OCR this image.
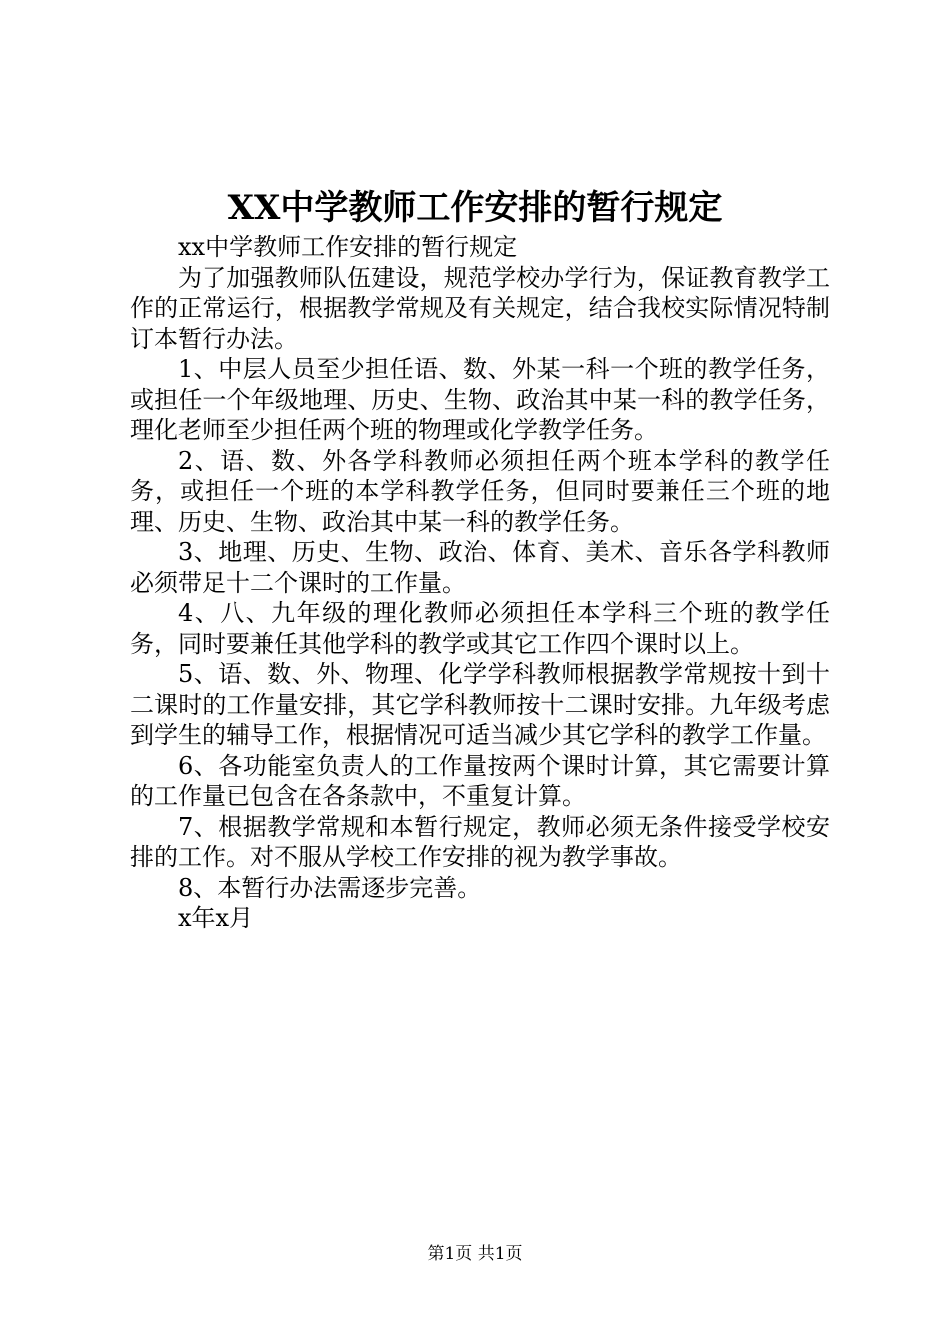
XX中学教师工作安排的暂行规定

xx中学教师工作安排的暂行规定

为了加强教师队伍建设，规范学校办学行为，保证教育教学工作的正常运行，根据教学常规及有关规定，结合我校实际情况特制订本暂行办法。

1、中层人员至少担任语、数、外某一科一个班的教学任务，或担任一个年级地理、历史、生物、政治其中某一科的教学任务，理化老师至少担任两个班的物理或化学教学任务。

2、语、数、外各学科教师必须担任两个班本学科的教学任务，或担任一个班的本学科教学任务，但同时要兼任三个班的地理、历史、生物、政治其中某一科的教学任务。

3、地理、历史、生物、政治、体育、美术、音乐各学科教师必须带足十二个课时的工作量。

4、八、九年级的理化教师必须担任本学科三个班的教学任务，同时要兼任其他学科的教学或其它工作四个课时以上。

5、语、数、外、物理、化学学科教师根据教学常规按十到十二课时的工作量安排，其它学科教师按十二课时安排。九年级考虑到学生的辅导工作，根据情况可适当减少其它学科的教学工作量。

6、各功能室负责人的工作量按两个课时计算，其它需要计算的工作量已包含在各条款中，不重复计算。

7、根据教学常规和本暂行规定，教师必须无条件接受学校安排的工作。对不服从学校工作安排的视为教学事故。

8、本暂行办法需逐步完善。

x年x月

第1页 共1页
